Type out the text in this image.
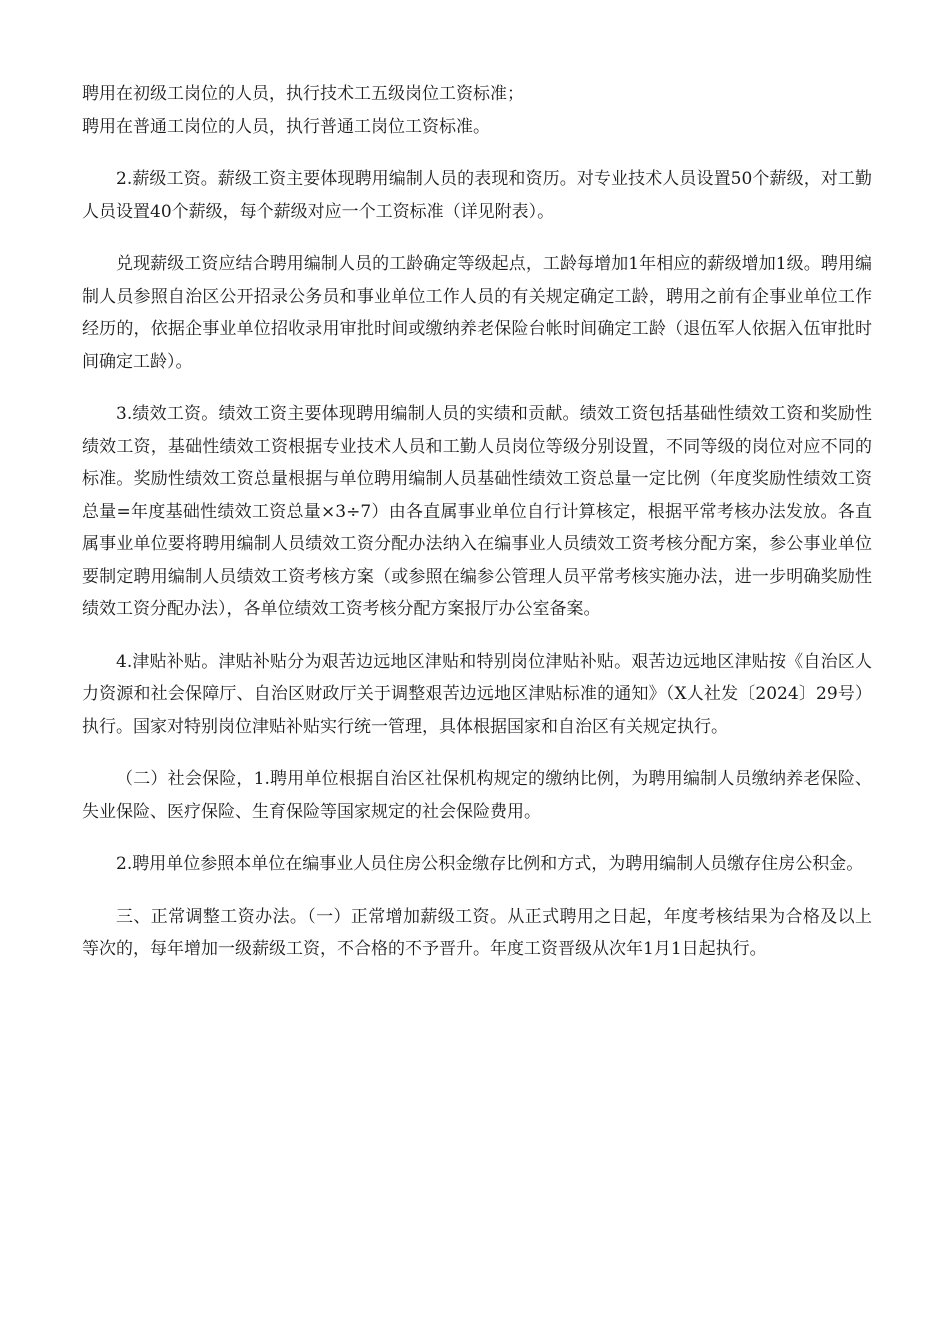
聘用在初级工岗位的人员，执行技术工五级岗位工资标准；

聘用在普通工岗位的人员，执行普通工岗位工资标准。

2.薪级工资。薪级工资主要体现聘用编制人员的表现和资历。对专业技术人员设置50个薪级，对工勤人员设置40个薪级，每个薪级对应一个工资标准（详见附表）。

兑现薪级工资应结合聘用编制人员的工龄确定等级起点，工龄每增加1年相应的薪级增加1级。聘用编制人员参照自治区公开招录公务员和事业单位工作人员的有关规定确定工龄，聘用之前有企事业单位工作经历的，依据企事业单位招收录用审批时间或缴纳养老保险台帐时间确定工龄（退伍军人依据入伍审批时间确定工龄）。

3.绩效工资。绩效工资主要体现聘用编制人员的实绩和贡献。绩效工资包括基础性绩效工资和奖励性绩效工资，基础性绩效工资根据专业技术人员和工勤人员岗位等级分别设置，不同等级的岗位对应不同的标准。奖励性绩效工资总量根据与单位聘用编制人员基础性绩效工资总量一定比例（年度奖励性绩效工资总量=年度基础性绩效工资总量×3÷7）由各直属事业单位自行计算核定，根据平常考核办法发放。各直属事业单位要将聘用编制人员绩效工资分配办法纳入在编事业人员绩效工资考核分配方案，参公事业单位要制定聘用编制人员绩效工资考核方案（或参照在编参公管理人员平常考核实施办法，进一步明确奖励性绩效工资分配办法），各单位绩效工资考核分配方案报厅办公室备案。

4.津贴补贴。津贴补贴分为艰苦边远地区津贴和特别岗位津贴补贴。艰苦边远地区津贴按《自治区人力资源和社会保障厅、自治区财政厅关于调整艰苦边远地区津贴标准的通知》（X人社发〔2024〕29号）执行。国家对特别岗位津贴补贴实行统一管理，具体根据国家和自治区有关规定执行。

（二）社会保险，1.聘用单位根据自治区社保机构规定的缴纳比例，为聘用编制人员缴纳养老保险、失业保险、医疗保险、生育保险等国家规定的社会保险费用。

2.聘用单位参照本单位在编事业人员住房公积金缴存比例和方式，为聘用编制人员缴存住房公积金。

三、正常调整工资办法。（一）正常增加薪级工资。从正式聘用之日起，年度考核结果为合格及以上等次的，每年增加一级薪级工资，不合格的不予晋升。年度工资晋级从次年1月1日起执行。
